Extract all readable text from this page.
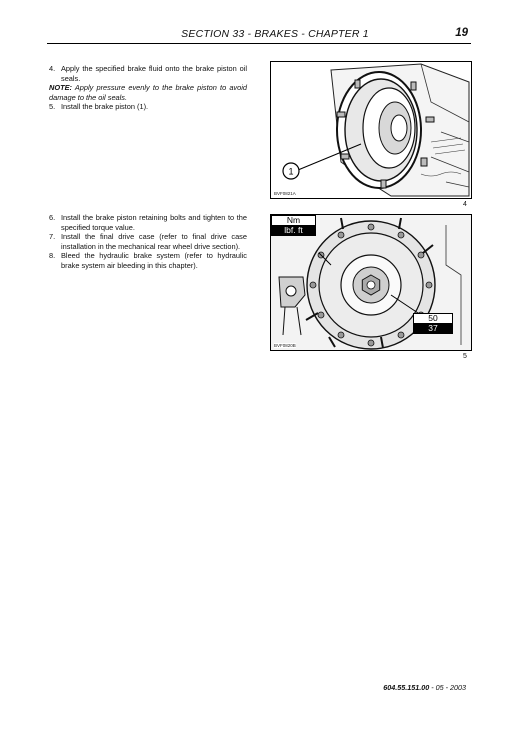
SECTION 33 - BRAKES - CHAPTER 1	19
4. Apply the specified brake fluid onto the brake piston oil seals.
NOTE: Apply pressure evenly to the brake piston to avoid damage to the oil seals.
5. Install the brake piston (1).
6. Install the brake piston retaining bolts and tighten to the specified torque value.
7. Install the final drive case (refer to final drive case installation in the mechanical rear wheel drive section).
8. Bleed the hydraulic brake system (refer to hydraulic brake system air bleeding in this chapter).
1
BVF0821A
4
Nm
lbf. ft
50
37
BVF0820B
5
604.55.151.00 - 05 - 2003
